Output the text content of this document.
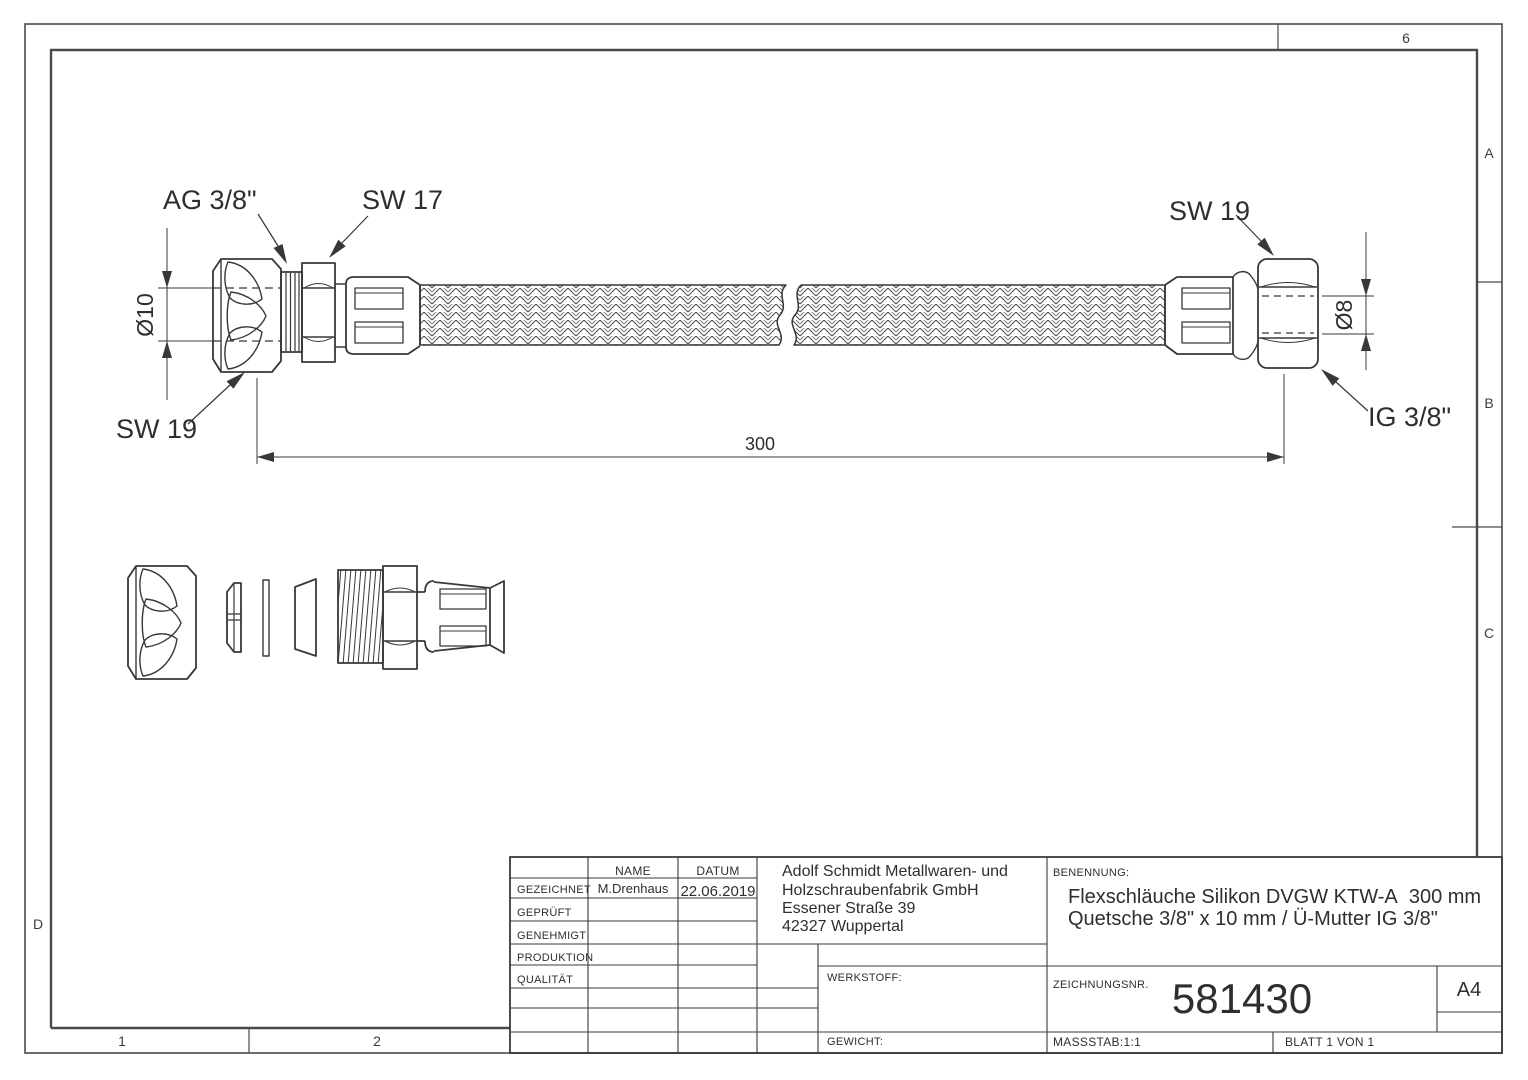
6
A
B
C
D
1	2
Ø10	Ø8
300
AG 3/8"	SW 17
SW 19
SW 19
IG 3/8"
NAME	DATUM
GEZEICHNET M.Drenhaus 22.06.2019
GEPRÜFT
GENEHMIGT
PRODUKTION
QUALITÄT
Adolf Schmidt Metallwaren- und
Holzschraubenfabrik GmbH
Essener Straße 39
42327 Wuppertal
BENENNUNG:
Flexschläuche Silikon DVGW KTW-A  300 mm
Quetsche 3/8" x 10 mm / Ü-Mutter IG 3/8"
WERKSTOFF:
GEWICHT:
ZEICHNUNGSNR. 581430	A4
MASSSTAB:1:1	BLATT 1 VON 1
